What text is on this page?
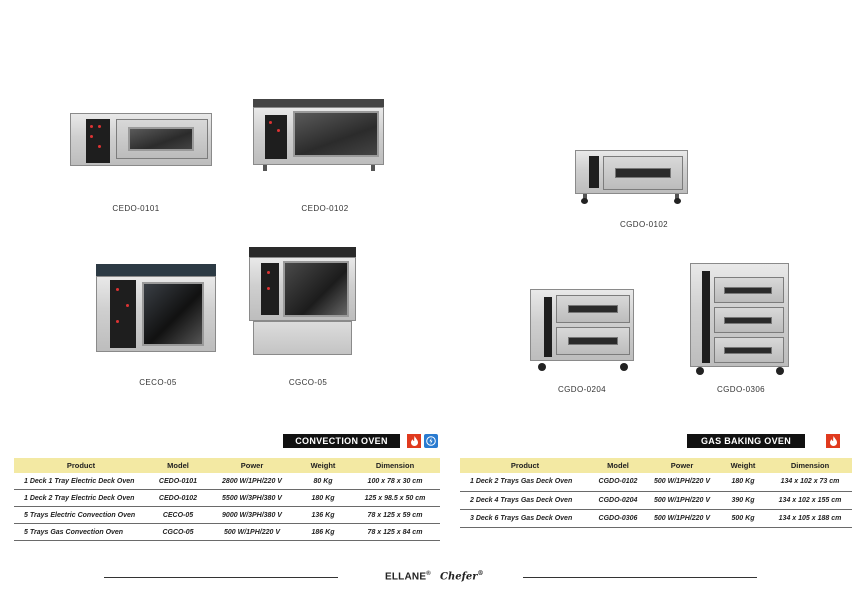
CEDO-0101	CEDO-0102
CECO-05	CGCO-05
CGDO-0102
CGDO-0204	CGDO-0306
CONVECTION OVEN	GAS BAKING OVEN
Product	Model	Power	Weight	Dimension
1 Deck 1 Tray Electric Deck Oven	CEDO-0101	2800 W/1PH/220 V	80 Kg	100 x 78 x 30 cm
1 Deck 2 Tray Electric Deck Oven	CEDO-0102	5500 W/3PH/380 V	180 Kg	125 x 98.5 x 50 cm
5 Trays Electric Convection Oven	CECO-05	9000 W/3PH/380 V	136 Kg	78 x 125 x 59 cm
5 Trays Gas Convection Oven	CGCO-05	500 W/1PH/220 V	186 Kg	78 x 125 x 84 cm
Product	Model	Power	Weight	Dimension
1 Deck 2 Trays Gas Deck Oven	CGDO-0102	500 W/1PH/220 V	180 Kg	134 x 102 x 73 cm
2 Deck 4 Trays Gas Deck Oven	CGDO-0204	500 W/1PH/220 V	390 Kg	134 x 102 x 155 cm
3 Deck 6 Trays Gas Deck Oven	CGDO-0306	500 W/1PH/220 V	500 Kg	134 x 105 x 188 cm
ELLANE® Chefer®
